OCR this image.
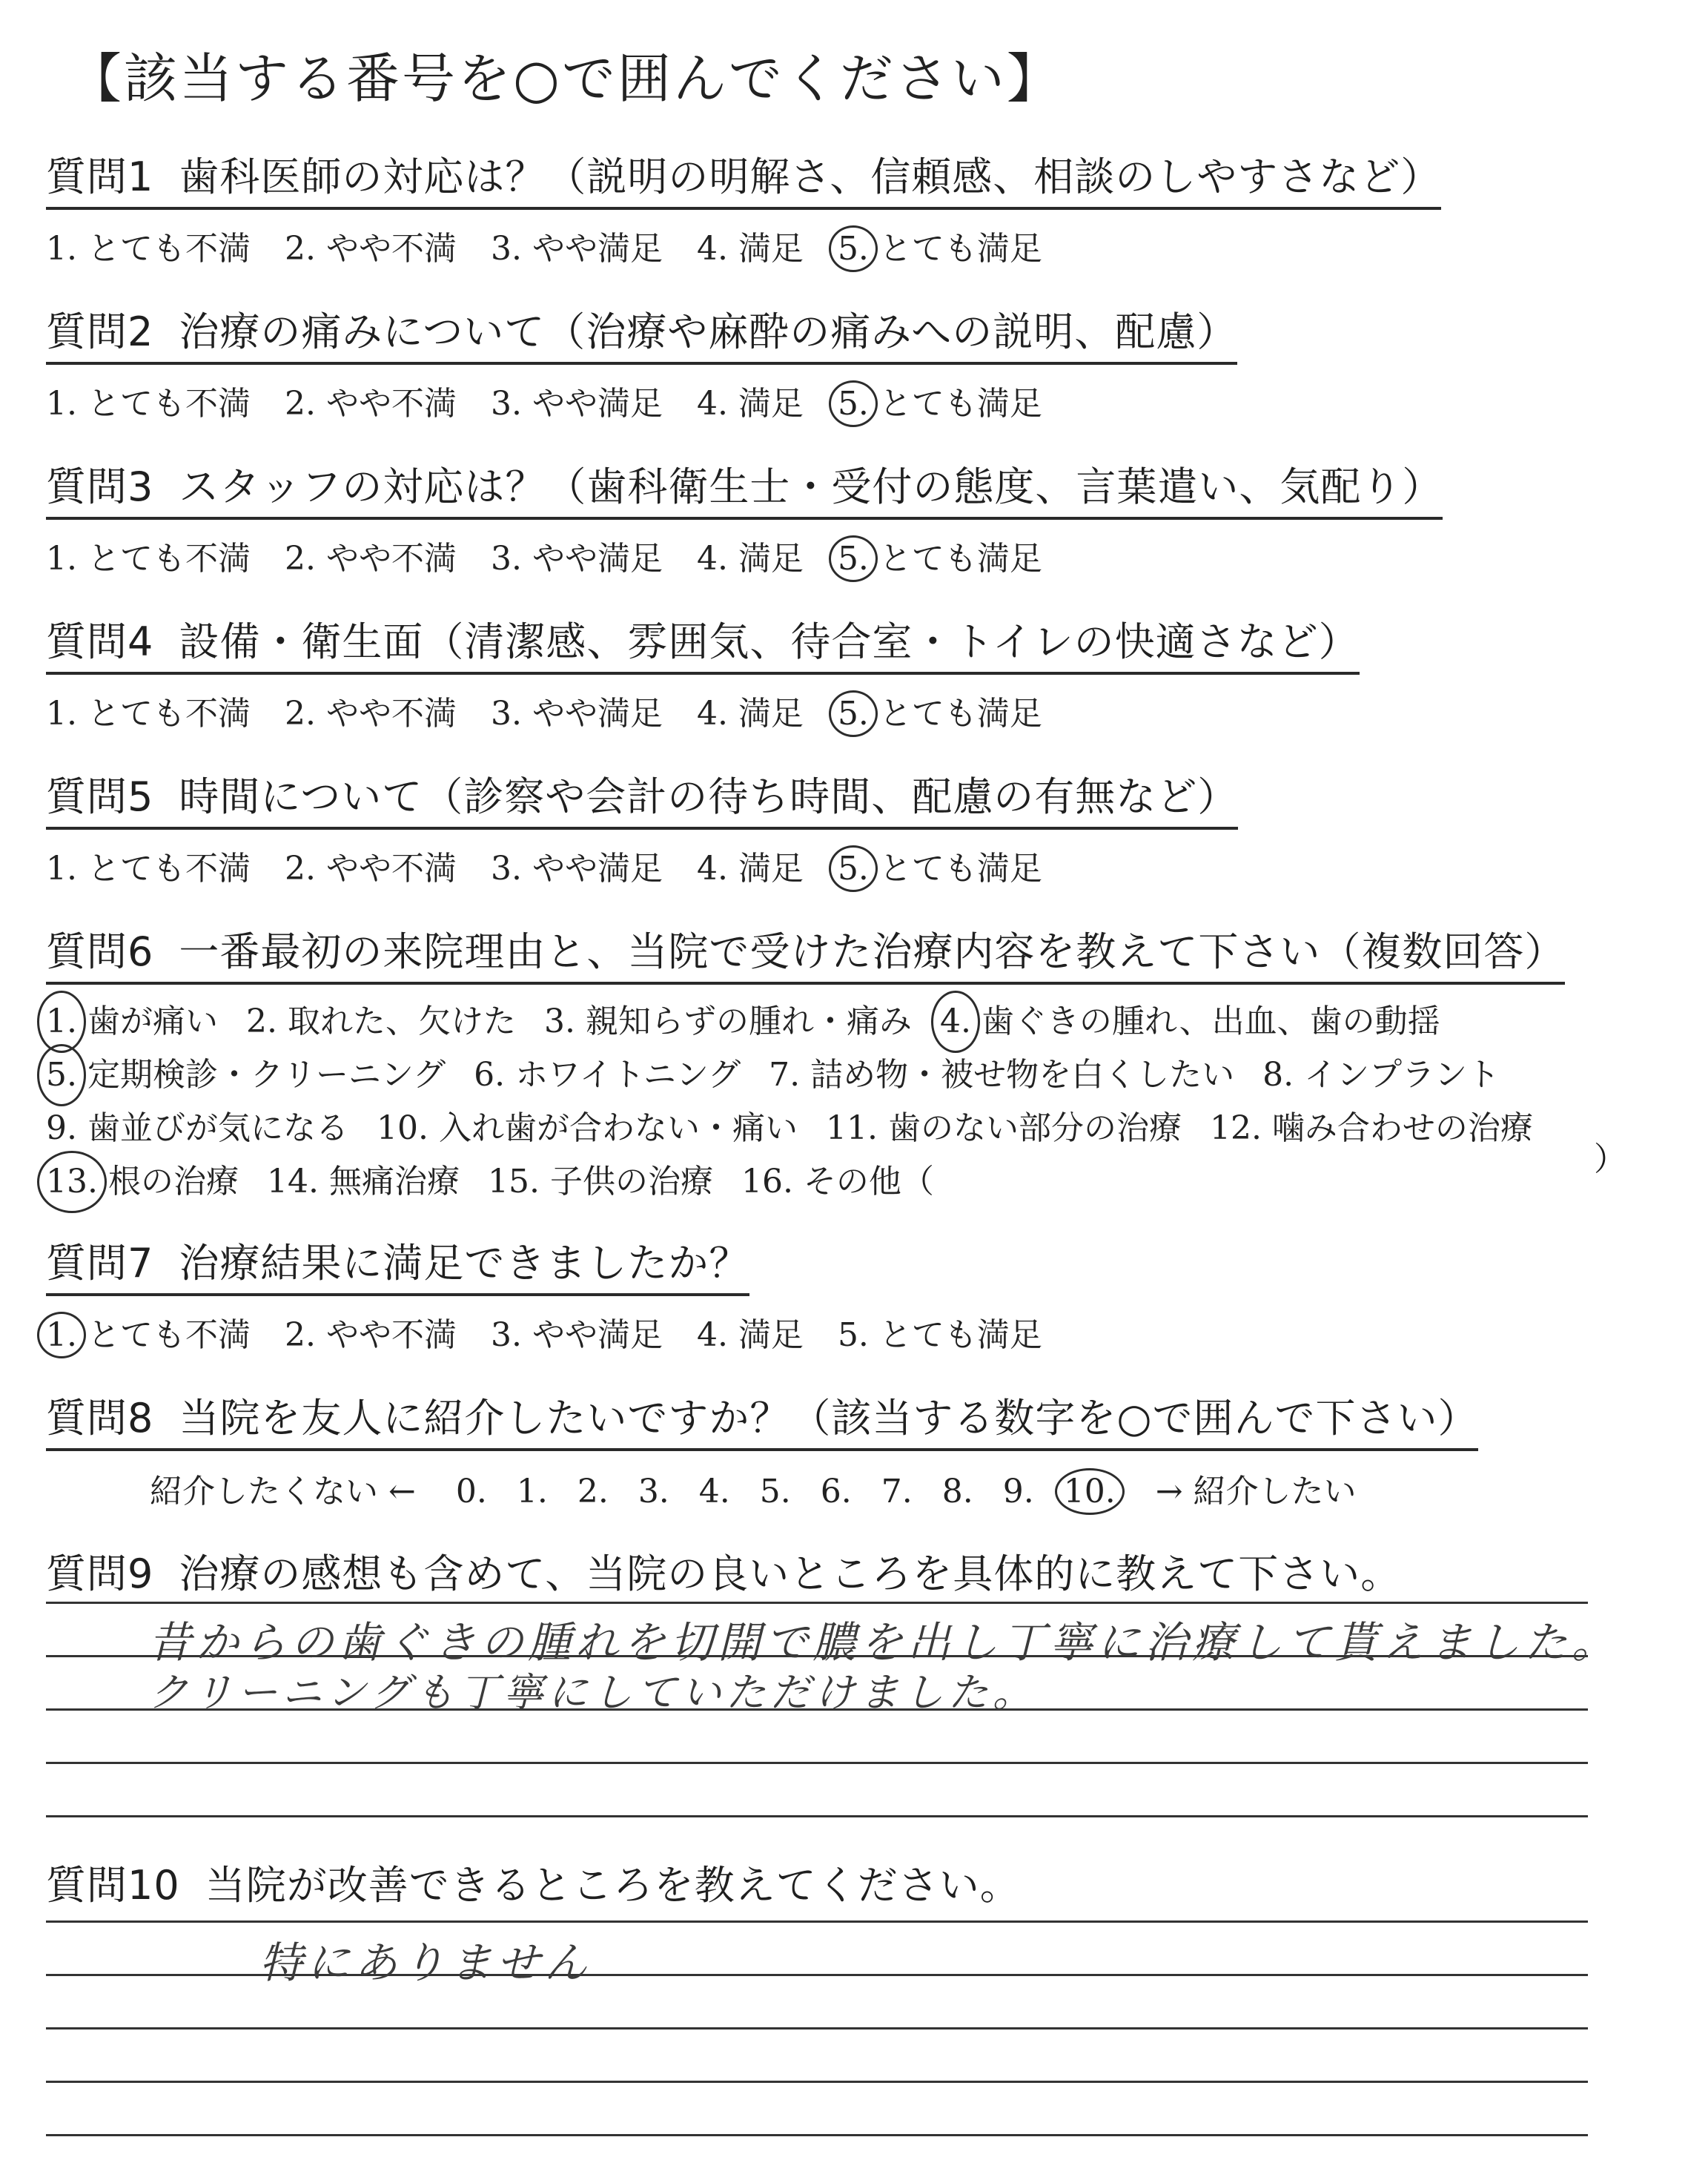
【該当する番号を○で囲んでください】
質問1 歯科医師の対応は？（説明の明解さ、信頼感、相談のしやすさなど）
1. とても不満 2. やや不満 3. やや満足 4. 満足 5. とても満足
質問2 治療の痛みについて（治療や麻酔の痛みへの説明、配慮）
1. とても不満 2. やや不満 3. やや満足 4. 満足 5. とても満足
質問3 スタッフの対応は？（歯科衛生士・受付の態度、言葉遣い、気配り）
1. とても不満 2. やや不満 3. やや満足 4. 満足 5. とても満足
質問4 設備・衛生面（清潔感、雰囲気、待合室・トイレの快適さなど）
1. とても不満 2. やや不満 3. やや満足 4. 満足 5. とても満足
質問5 時間について（診察や会計の待ち時間、配慮の有無など）
1. とても不満 2. やや不満 3. やや満足 4. 満足 5. とても満足
質問6 一番最初の来院理由と、当院で受けた治療内容を教えて下さい（複数回答）
1. 歯が痛い 2. 取れた、欠けた 3. 親知らずの腫れ・痛み 4. 歯ぐきの腫れ、出血、歯の動揺
5. 定期検診・クリーニング 6. ホワイトニング 7. 詰め物・被せ物を白くしたい 8. インプラント
9. 歯並びが気になる 10. 入れ歯が合わない・痛い 11. 歯のない部分の治療 12. 噛み合わせの治療
13. 根の治療 14. 無痛治療 15. 子供の治療 16. その他（
）
質問7 治療結果に満足できましたか？
1. とても不満 2. やや不満 3. やや満足 4. 満足 5. とても満足
質問8 当院を友人に紹介したいですか？（該当する数字を○で囲んで下さい）
紹介したくない ← 0. 1. 2. 3. 4. 5. 6. 7. 8. 9. 10. → 紹介したい
質問9 治療の感想も含めて、当院の良いところを具体的に教えて下さい。
昔からの歯ぐきの腫れを切開で膿を出し丁寧に治療して貰えました。
クリーニングも丁寧にしていただけました。
質問10 当院が改善できるところを教えてください。
特にありません
